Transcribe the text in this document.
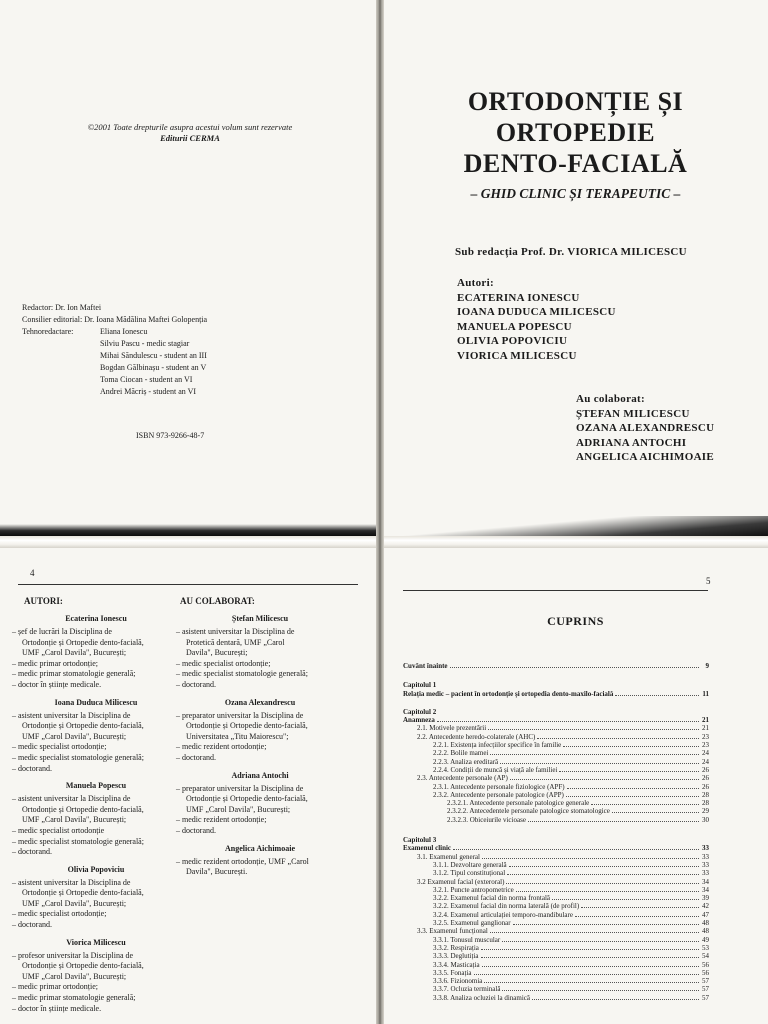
©2001 Toate drepturile asupra acestui volum sunt rezervate
Editurii CERMA
Redactor: Dr. Ion Maftei
Consilier editorial: Dr. Ioana Mădălina Maftei Golopenția
Tehnoredactare:	Eliana Ionescu
Silviu Pascu - medic stagiar
Mihai Săndulescu - student an III
Bogdan Gălbinașu - student an V
Toma Ciocan - student an VI
Andrei Măcriș - student an VI
ISBN 973-9266-48-7
ORTODONȚIE ȘI
ORTOPEDIE
DENTO-FACIALĂ
– GHID CLINIC ȘI TERAPEUTIC –
Sub redacția Prof. Dr. VIORICA MILICESCU
Autori:
ECATERINA IONESCU
IOANA DUDUCA MILICESCU
MANUELA POPESCU
OLIVIA POPOVICIU
VIORICA MILICESCU
Au colaborat:
ȘTEFAN MILICESCU
OZANA ALEXANDRESCU
ADRIANA ANTOCHI
ANGELICA AICHIMOAIE
4
AUTORI:
Ecaterina Ionescu
– șef de lucrări la Disciplina de
Ortodonție și Ortopedie dento-facială,
UMF „Carol Davila", București;
– medic primar ortodonție;
– medic primar stomatologie generală;
– doctor în științe medicale.
Ioana Duduca Milicescu
– asistent universitar la Disciplina de
Ortodonție și Ortopedie dento-facială,
UMF „Carol Davila", București;
– medic specialist ortodonție;
– medic specialist stomatologie generală;
– doctorand.
Manuela Popescu
– asistent universitar la Disciplina de
Ortodonție și Ortopedie dento-facială,
UMF „Carol Davila", București;
– medic specialist ortodonție
– medic specialist stomatologie generală;
– doctorand.
Olivia Popoviciu
– asistent universitar la Disciplina de
Ortodonție și Ortopedie dento-facială,
UMF „Carol Davila", București;
– medic specialist ortodonție;
– doctorand.
Viorica Milicescu
– profesor universitar la Disciplina de
Ortodonție și Ortopedie dento-facială,
UMF „Carol Davila", București;
– medic primar ortodonție;
– medic primar stomatologie generală;
– doctor în științe medicale.
AU COLABORAT:
Ștefan Milicescu
– asistent universitar la Disciplina de
Protetică dentară, UMF „Carol
Davila", București;
– medic specialist ortodonție;
– medic specialist stomatologie generală;
– doctorand.
Ozana Alexandrescu
– preparator universitar la Disciplina de
Ortodonție și Ortopedie dento-facială,
Universitatea „Titu Maiorescu";
– medic rezident ortodonție;
– doctorand.
Adriana Antochi
– preparator universitar la Disciplina de
Ortodonție și Ortopedie dento-facială,
UMF „Carol Davila", București;
– medic rezident ortodonție;
– doctorand.
Angelica Aichimoaie
– medic rezident ortodonție, UMF „Carol
Davila", București.
5
CUPRINS
Cuvânt înainte	9
Capitolul 1
Relația medic – pacient în ortodonție și ortopedia dento-maxilo-facială	11
Capitolul 2
Anamneza	21
2.1. Motivele prezentării	21
2.2. Antecedente heredo-colaterale (AHC)	23
2.2.1. Existența infecțiilor specifice în familie	23
2.2.2. Bolile mamei	24
2.2.3. Analiza ereditară	24
2.2.4. Condiții de muncă și viață ale familiei	26
2.3. Antecedente personale (AP)	26
2.3.1. Antecedente personale fiziologice (APF)	26
2.3.2. Antecedente personale patologice (APP)	28
2.3.2.1. Antecedente personale patologice generale	28
2.3.2.2. Antecedentele personale patologice stomatologice	29
2.3.2.3. Obiceiurile vicioase	30
Capitolul 3
Examenul clinic	33
3.1. Examenul general	33
3.1.1. Dezvoltare generală	33
3.1.2. Tipul constituțional	33
3.2 Examenul facial (exteroral)	34
3.2.1. Puncte antropometrice	34
3.2.2. Examenul facial din norma frontală	39
3.2.2. Examenul facial din norma laterală (de profil)	42
3.2.4. Examenul articulației temporo-mandibulare	47
3.2.5. Examenul ganglionar	48
3.3. Examenul funcțional	48
3.3.1. Tonusul muscular	49
3.3.2. Respirația	53
3.3.3. Deglutiția	54
3.3.4. Masticația	56
3.3.5. Fonația	56
3.3.6. Fizionomia	57
3.3.7. Ocluzia terminală	57
3.3.8. Analiza ocluziei la dinamică	57
